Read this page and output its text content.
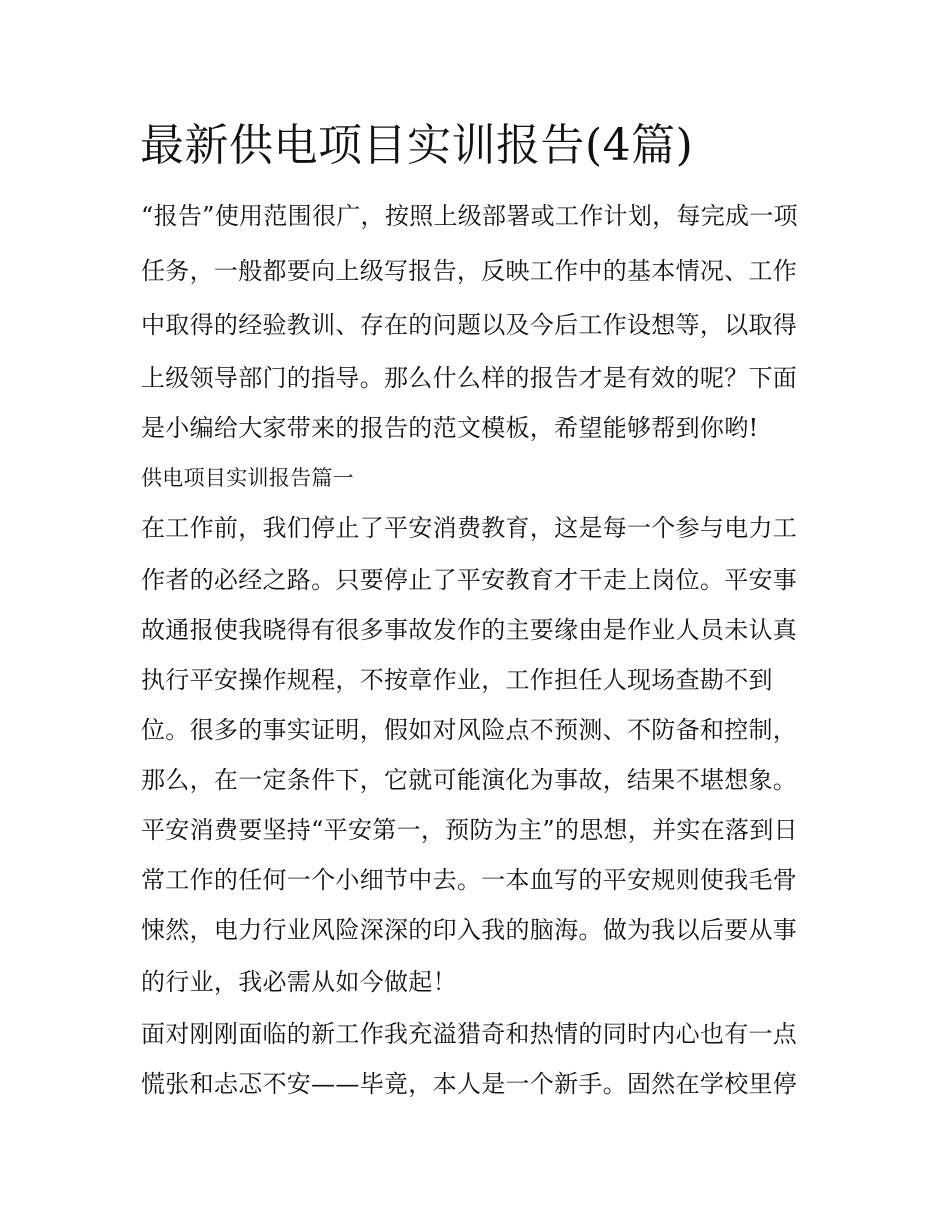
最新供电项目实训报告(4篇)

“报告”使用范围很广，按照上级部署或工作计划，每完成一项

任务，一般都要向上级写报告，反映工作中的基本情况、工作

中取得的经验教训、存在的问题以及今后工作设想等，以取得

上级领导部门的指导。那么什么样的报告才是有效的呢？下面

是小编给大家带来的报告的范文模板，希望能够帮到你哟!

供电项目实训报告篇一

在工作前，我们停止了平安消费教育，这是每一个参与电力工

作者的必经之路。只要停止了平安教育才干走上岗位。平安事

故通报使我晓得有很多事故发作的主要缘由是作业人员未认真

执行平安操作规程，不按章作业，工作担任人现场查勘不到

位。很多的事实证明，假如对风险点不预测、不防备和控制，

那么，在一定条件下，它就可能演化为事故，结果不堪想象。

平安消费要坚持“平安第一，预防为主”的思想，并实在落到日

常工作的任何一个小细节中去。一本血写的平安规则使我毛骨

悚然，电力行业风险深深的印入我的脑海。做为我以后要从事

的行业，我必需从如今做起！

面对刚刚面临的新工作我充溢猎奇和热情的同时内心也有一点

慌张和忐忑不安——毕竟，本人是一个新手。固然在学校里停
